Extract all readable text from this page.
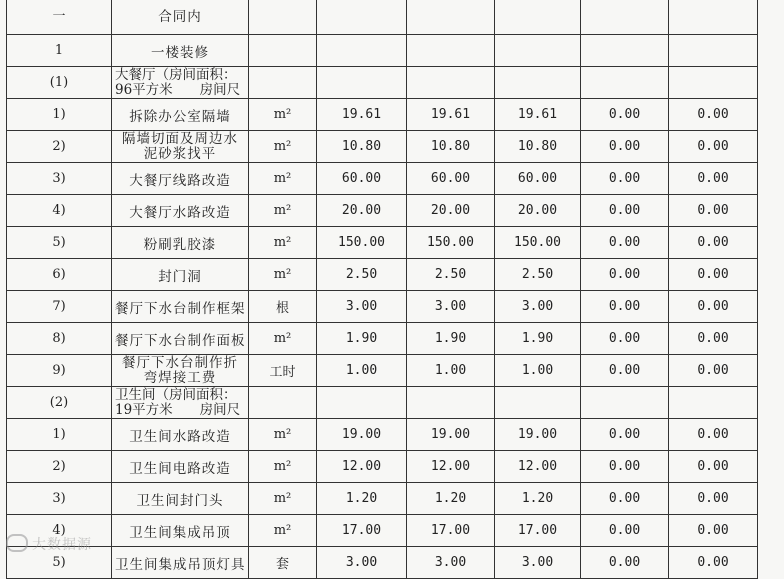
一	合同内						
1	一楼装修						
(1)	大餐厅（房间面积：96平方米　　房间尺						
1)	拆除办公室隔墙	m²	19.61	19.61	19.61	0.00	0.00
2)	隔墙切面及周边水泥砂浆找平	m²	10.80	10.80	10.80	0.00	0.00
3)	大餐厅线路改造	m²	60.00	60.00	60.00	0.00	0.00
4)	大餐厅水路改造	m²	20.00	20.00	20.00	0.00	0.00
5)	粉刷乳胶漆	m²	150.00	150.00	150.00	0.00	0.00
6)	封门洞	m²	2.50	2.50	2.50	0.00	0.00
7)	餐厅下水台制作框架	根	3.00	3.00	3.00	0.00	0.00
8)	餐厅下水台制作面板	m²	1.90	1.90	1.90	0.00	0.00
9)	餐厅下水台制作折弯焊接工费	工时	1.00	1.00	1.00	0.00	0.00
(2)	卫生间（房间面积：19平方米　　房间尺						
1)	卫生间水路改造	m²	19.00	19.00	19.00	0.00	0.00
2)	卫生间电路改造	m²	12.00	12.00	12.00	0.00	0.00
3)	卫生间封门头	m²	1.20	1.20	1.20	0.00	0.00
4)	卫生间集成吊顶	m²	17.00	17.00	17.00	0.00	0.00
5)	卫生间集成吊顶灯具	套	3.00	3.00	3.00	0.00	0.00
大数据源
